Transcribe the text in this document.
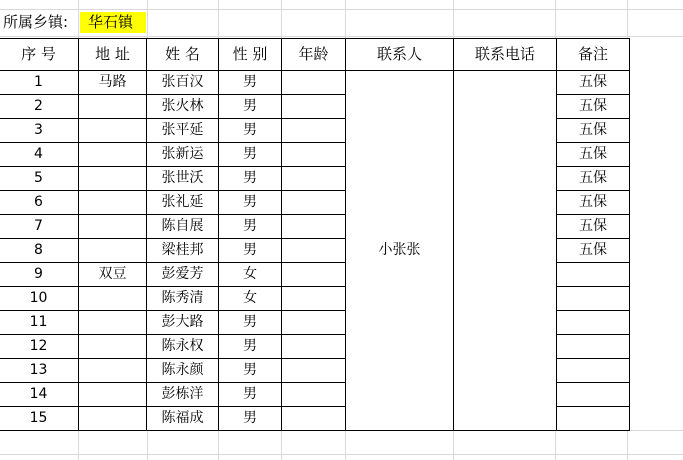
所属乡镇:	华石镇
序 号	地 址	姓 名	性 别	年龄	联系人	联系电话	备注
1	马路	张百汉	男		小张张		五保
2		张火林	男				五保
3		张平延	男				五保
4		张新运	男				五保
5		张世沃	男				五保
6		张礼延	男				五保
7		陈自展	男				五保
8		梁桂邦	男				五保
9	双豆	彭爱芳	女				
10		陈秀清	女				
11		彭大路	男				
12		陈永权	男				
13		陈永颜	男				
14		彭栋洋	男				
15		陈福成	男				
